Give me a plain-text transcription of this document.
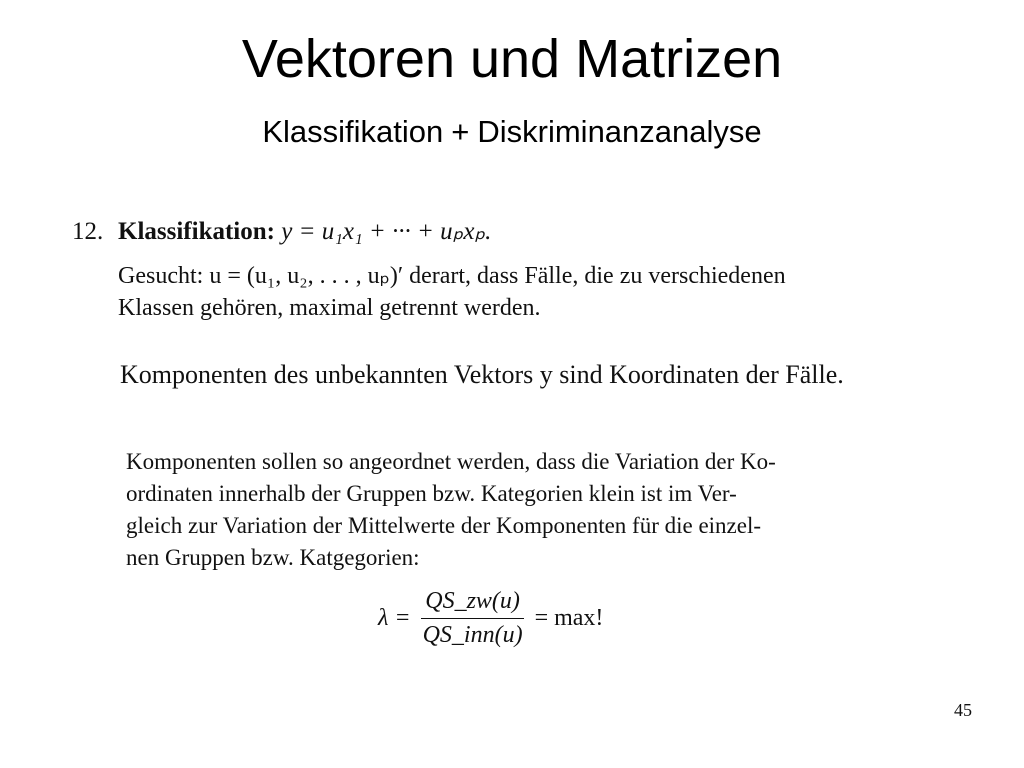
Vektoren und Matrizen
Klassifikation + Diskriminanzanalyse
12. Klassifikation: y = u₁x₁ + ··· + uₚxₚ.

Gesucht: u = (u₁, u₂, . . . , uₚ)′ derart, dass Fälle, die zu verschiedenen

Klassen gehören, maximal getrennt werden.

Komponenten des unbekannten Vektors y sind Koordinaten der Fälle.

Komponenten sollen so angeordnet werden, dass die Variation der Ko-

ordinaten innerhalb der Gruppen bzw. Kategorien klein ist im Ver-

gleich zur Variation der Mittelwerte der Komponenten für die einzel-

nen Gruppen bzw. Katgegorien:

$\lambda = \frac{QS\_zw(u)}{\text{QS\_inn(u)}} = \max$!
45
